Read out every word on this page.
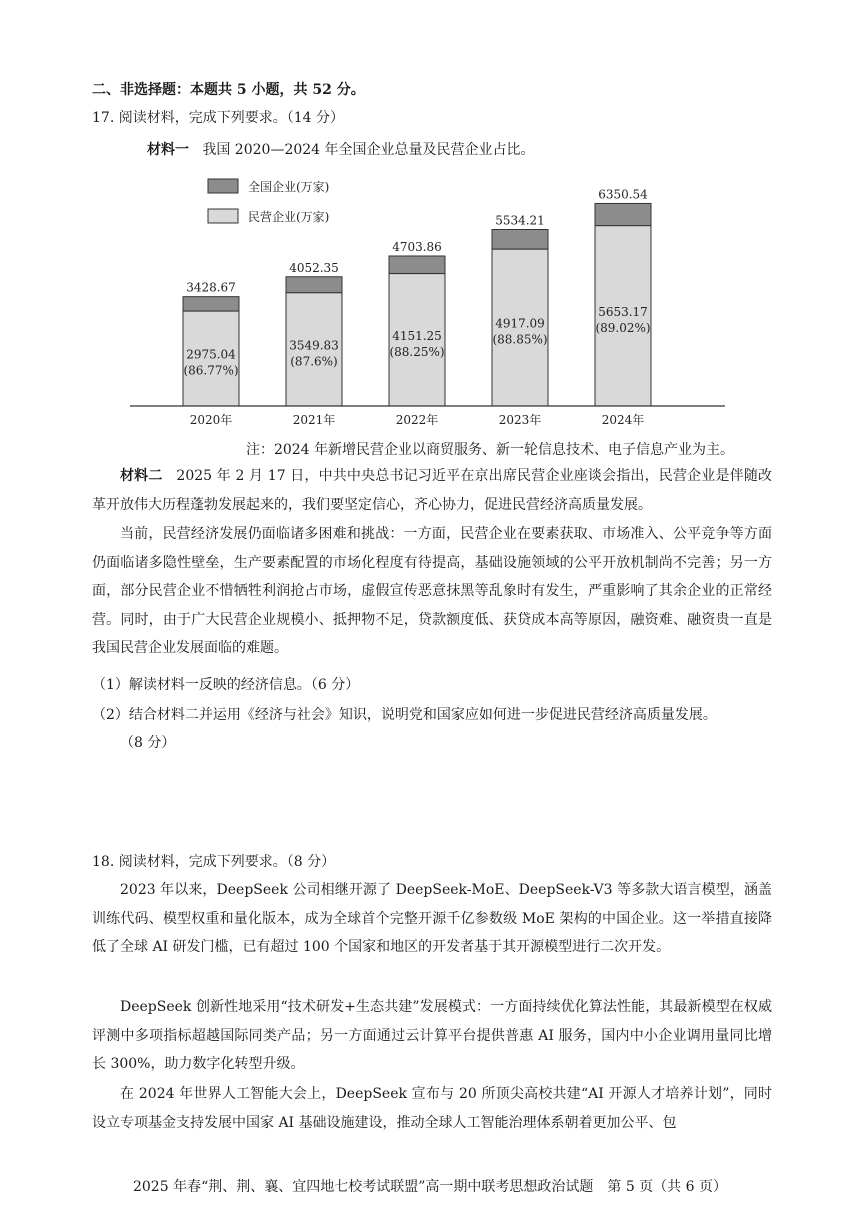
二、非选择题：本题共 5 小题，共 52 分。
17. 阅读材料，完成下列要求。（14 分）
材料一 我国 2020—2024 年全国企业总量及民营企业占比。
3428.67
2975.04
(86.77%)
2020年
4052.35
3549.83
(87.6%)
2021年
4703.86
4151.25
(88.25%)
2022年
5534.21
4917.09
(88.85%)
2023年
6350.54
5653.17
(89.02%)
2024年
全国企业(万家)
民营企业(万家)
注：2024 年新增民营企业以商贸服务、新一轮信息技术、电子信息产业为主。
材料二 2025 年 2 月 17 日，中共中央总书记习近平在京出席民营企业座谈会指出，民营企业是伴随改革开放伟大历程蓬勃发展起来的，我们要坚定信心，齐心协力，促进民营经济高质量发展。
当前，民营经济发展仍面临诸多困难和挑战：一方面，民营企业在要素获取、市场准入、公平竞争等方面仍面临诸多隐性壁垒，生产要素配置的市场化程度有待提高，基础设施领域的公平开放机制尚不完善；另一方面，部分民营企业不惜牺牲利润抢占市场，虚假宣传恶意抹黑等乱象时有发生，严重影响了其余企业的正常经营。同时，由于广大民营企业规模小、抵押物不足，贷款额度低、获贷成本高等原因，融资难、融资贵一直是我国民营企业发展面临的难题。
（1）解读材料一反映的经济信息。（6 分）
（2）结合材料二并运用《经济与社会》知识，说明党和国家应如何进一步促进民营经济高质量发展。
（8 分）
18. 阅读材料，完成下列要求。（8 分）
2023 年以来，DeepSeek 公司相继开源了 DeepSeek-MoE、DeepSeek-V3 等多款大语言模型，涵盖训练代码、模型权重和量化版本，成为全球首个完整开源千亿参数级 MoE 架构的中国企业。这一举措直接降低了全球 AI 研发门槛，已有超过 100 个国家和地区的开发者基于其开源模型进行二次开发。
DeepSeek 创新性地采用“技术研发+生态共建”发展模式：一方面持续优化算法性能，其最新模型在权威评测中多项指标超越国际同类产品；另一方面通过云计算平台提供普惠 AI 服务，国内中小企业调用量同比增长 300%，助力数字化转型升级。
在 2024 年世界人工智能大会上，DeepSeek 宣布与 20 所顶尖高校共建“AI 开源人才培养计划”，同时设立专项基金支持发展中国家 AI 基础设施建设，推动全球人工智能治理体系朝着更加公平、包
2025 年春“荆、荆、襄、宜四地七校考试联盟”高一期中联考思想政治试题　第 5 页（共 6 页）
